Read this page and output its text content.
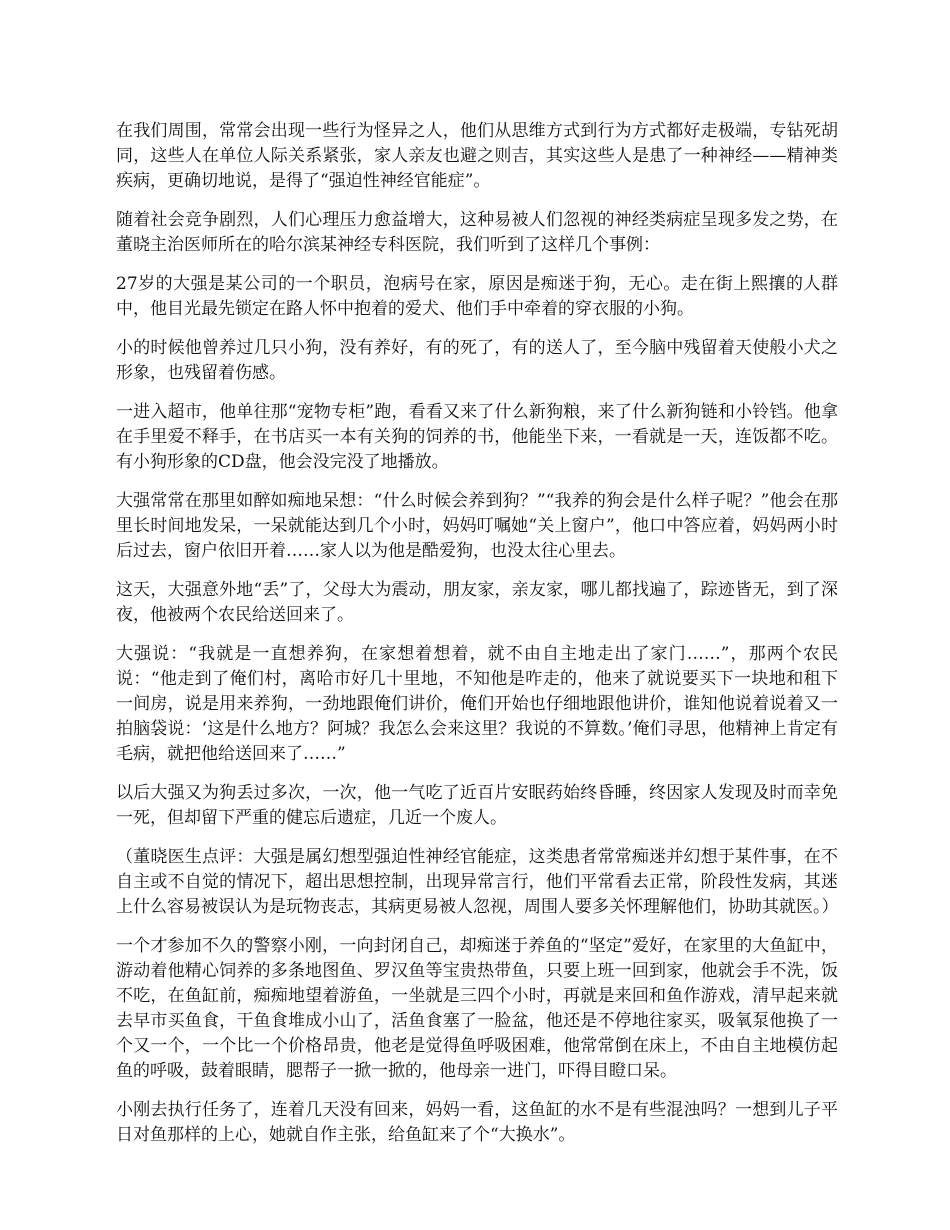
在我们周围，常常会出现一些行为怪异之人，他们从思维方式到行为方式都好走极端，专钻死胡同，这些人在单位人际关系紧张，家人亲友也避之则吉，其实这些人是患了一种神经——精神类疾病，更确切地说，是得了“强迫性神经官能症”。

随着社会竞争剧烈，人们心理压力愈益增大，这种易被人们忽视的神经类病症呈现多发之势，在董晓主治医师所在的哈尔滨某神经专科医院，我们听到了这样几个事例：

27岁的大强是某公司的一个职员，泡病号在家，原因是痴迷于狗，无心。走在街上熙攘的人群中，他目光最先锁定在路人怀中抱着的爱犬、他们手中牵着的穿衣服的小狗。

小的时候他曾养过几只小狗，没有养好，有的死了，有的送人了，至今脑中残留着天使般小犬之形象，也残留着伤感。

一进入超市，他单往那“宠物专柜”跑，看看又来了什么新狗粮，来了什么新狗链和小铃铛。他拿在手里爱不释手，在书店买一本有关狗的饲养的书，他能坐下来，一看就是一天，连饭都不吃。有小狗形象的CD盘，他会没完没了地播放。

大强常常在那里如醉如痴地呆想：“什么时候会养到狗？”“我养的狗会是什么样子呢？”他会在那里长时间地发呆，一呆就能达到几个小时，妈妈叮嘱她“关上窗户”，他口中答应着，妈妈两小时后过去，窗户依旧开着……家人以为他是酷爱狗，也没太往心里去。

这天，大强意外地“丢”了，父母大为震动，朋友家，亲友家，哪儿都找遍了，踪迹皆无，到了深夜，他被两个农民给送回来了。

大强说：“我就是一直想养狗，在家想着想着，就不由自主地走出了家门……”，那两个农民说：“他走到了俺们村，离哈市好几十里地，不知他是咋走的，他来了就说要买下一块地和租下一间房，说是用来养狗，一劲地跟俺们讲价，俺们开始也仔细地跟他讲价，谁知他说着说着又一拍脑袋说：‘这是什么地方？阿城？我怎么会来这里？我说的不算数。’俺们寻思，他精神上肯定有毛病，就把他给送回来了……”

以后大强又为狗丢过多次，一次，他一气吃了近百片安眠药始终昏睡，终因家人发现及时而幸免一死，但却留下严重的健忘后遗症，几近一个废人。

（董晓医生点评：大强是属幻想型强迫性神经官能症，这类患者常常痴迷并幻想于某件事，在不自主或不自觉的情况下，超出思想控制，出现异常言行，他们平常看去正常，阶段性发病，其迷上什么容易被误认为是玩物丧志，其病更易被人忽视，周围人要多关怀理解他们，协助其就医。）

一个才参加不久的警察小刚，一向封闭自己，却痴迷于养鱼的“坚定”爱好，在家里的大鱼缸中，游动着他精心饲养的多条地图鱼、罗汉鱼等宝贵热带鱼，只要上班一回到家，他就会手不洗，饭不吃，在鱼缸前，痴痴地望着游鱼，一坐就是三四个小时，再就是来回和鱼作游戏，清早起来就去早市买鱼食，干鱼食堆成小山了，活鱼食塞了一脸盆，他还是不停地往家买，吸氧泵他换了一个又一个，一个比一个价格昂贵，他老是觉得鱼呼吸困难，他常常倒在床上，不由自主地模仿起鱼的呼吸，鼓着眼睛，腮帮子一掀一掀的，他母亲一进门，吓得目瞪口呆。

小刚去执行任务了，连着几天没有回来，妈妈一看，这鱼缸的水不是有些混浊吗？一想到儿子平日对鱼那样的上心，她就自作主张，给鱼缸来了个“大换水”。
